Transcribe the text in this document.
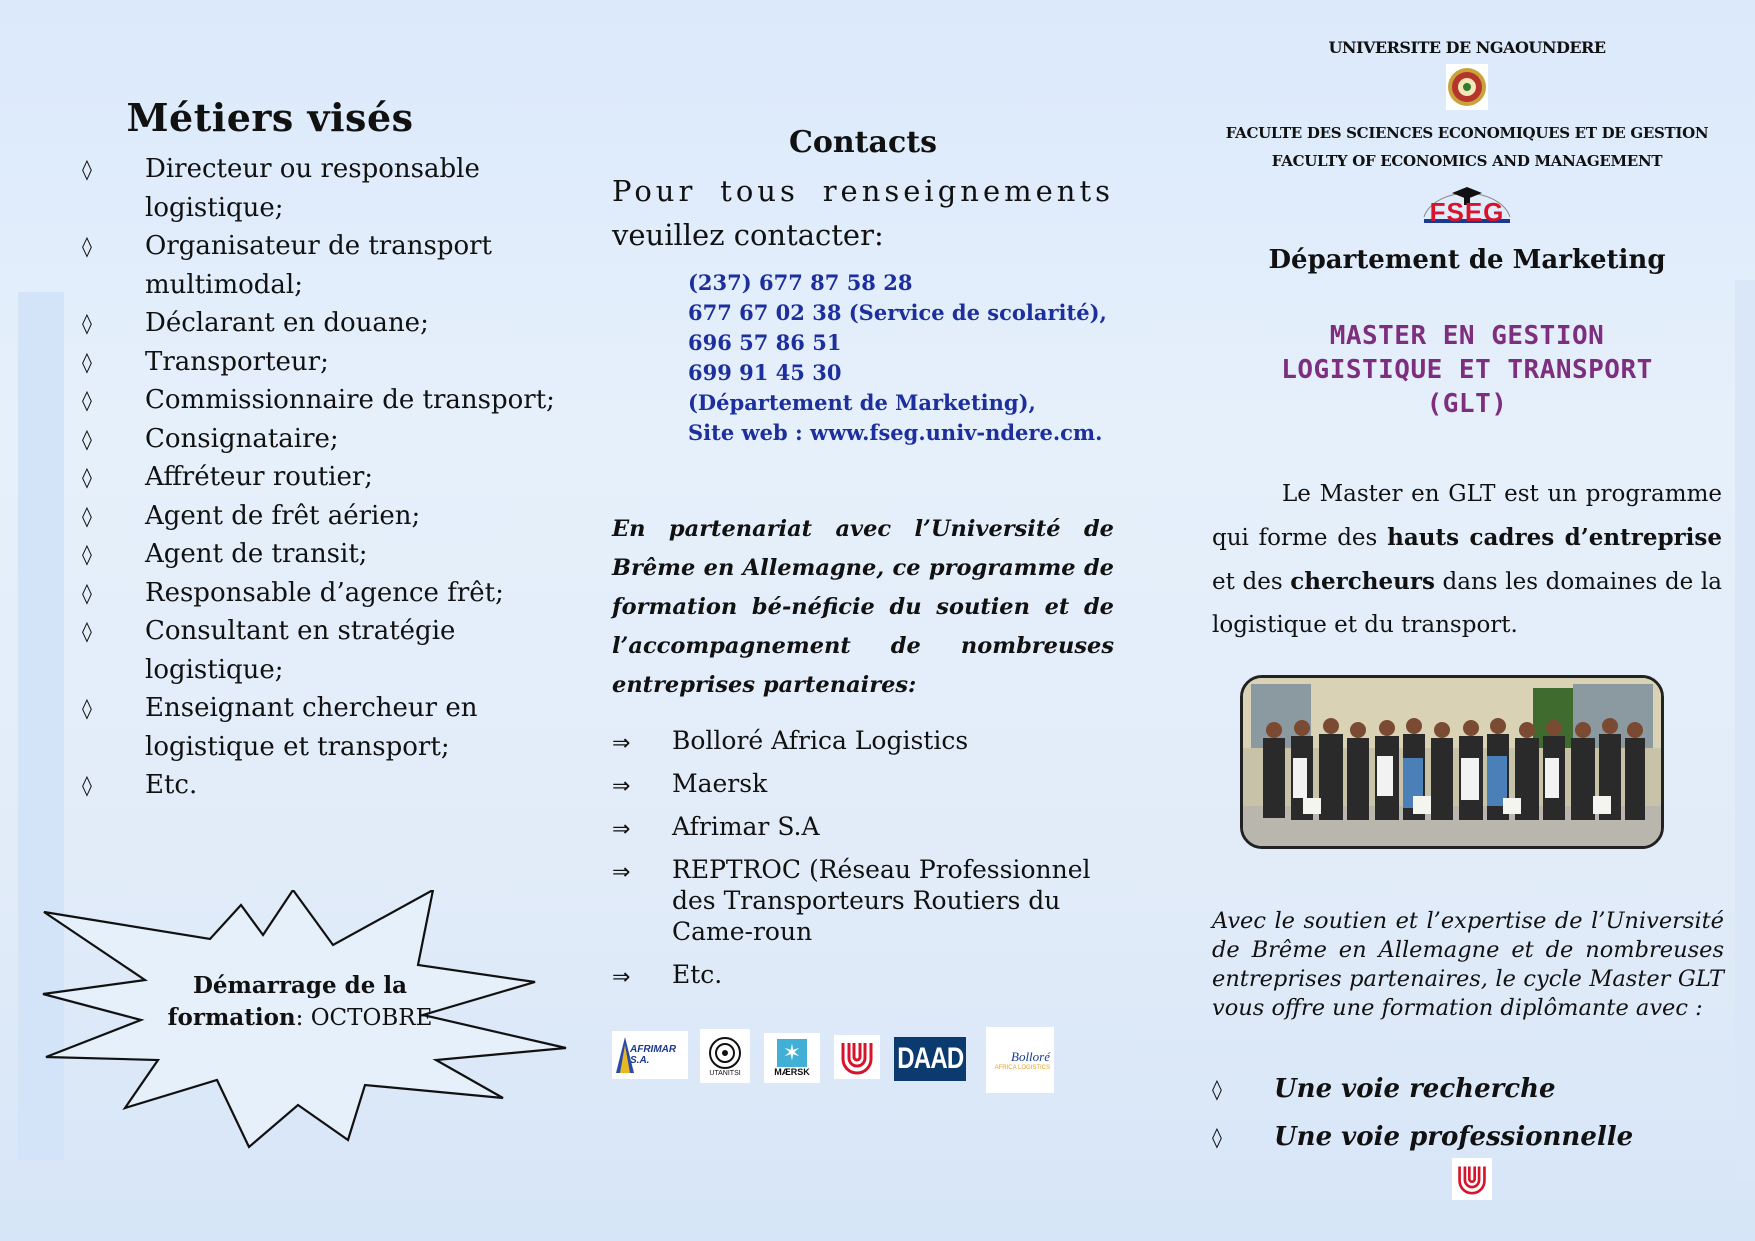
Métiers visés
◊ Directeur ou responsable logistique;
◊ Organisateur de transport multimodal;
◊ Déclarant en douane;
◊ Transporteur;
◊ Commissionnaire de transport;
◊ Consignataire;
◊ Affréteur routier;
◊ Agent de frêt aérien;
◊ Agent de transit;
◊ Responsable d’agence frêt;
◊ Consultant en stratégie logistique;
◊ Enseignant chercheur en logistique et transport;
◊ Etc.
Démarrage de la
formation: OCTOBRE
Contacts
Pour tous renseignements
veuillez contacter:
(237) 677 87 58 28
677 67 02 38 (Service de scolarité),
696 57 86 51
699 91 45 30
(Département de Marketing),
Site web : www.fseg.univ-ndere.cm.
En partenariat avec l’Université de Brême en Allemagne, ce programme de formation bé-néficie du soutien et de l’accompagnement de nombreuses entreprises partenaires:
⇒ Bolloré Africa Logistics
⇒ Maersk
⇒ Afrimar S.A
⇒ REPTROC (Réseau Professionnel des Transporteurs Routiers du Came-roun
⇒ Etc.
AFRIMAR S.A.
UTANITSI
✶
MÆRSK	DAAD	Bolloré
AFRICA LOGISTICS
UNIVERSITE DE NGAOUNDERE
FACULTE DES SCIENCES ECONOMIQUES ET DE GESTION
FACULTY OF ECONOMICS AND MANAGEMENT
FSEG
Département de Marketing
MASTER EN GESTION
LOGISTIQUE ET TRANSPORT
(GLT)
Le Master en GLT est un programme qui forme des hauts cadres d’entreprise et des chercheurs dans les domaines de la logistique et du transport.
Avec le soutien et l’expertise de l’Université de Brême en Allemagne et de nombreuses entreprises partenaires, le cycle Master GLT vous offre une formation diplômante avec :
◊ Une voie recherche
◊ Une voie professionnelle
